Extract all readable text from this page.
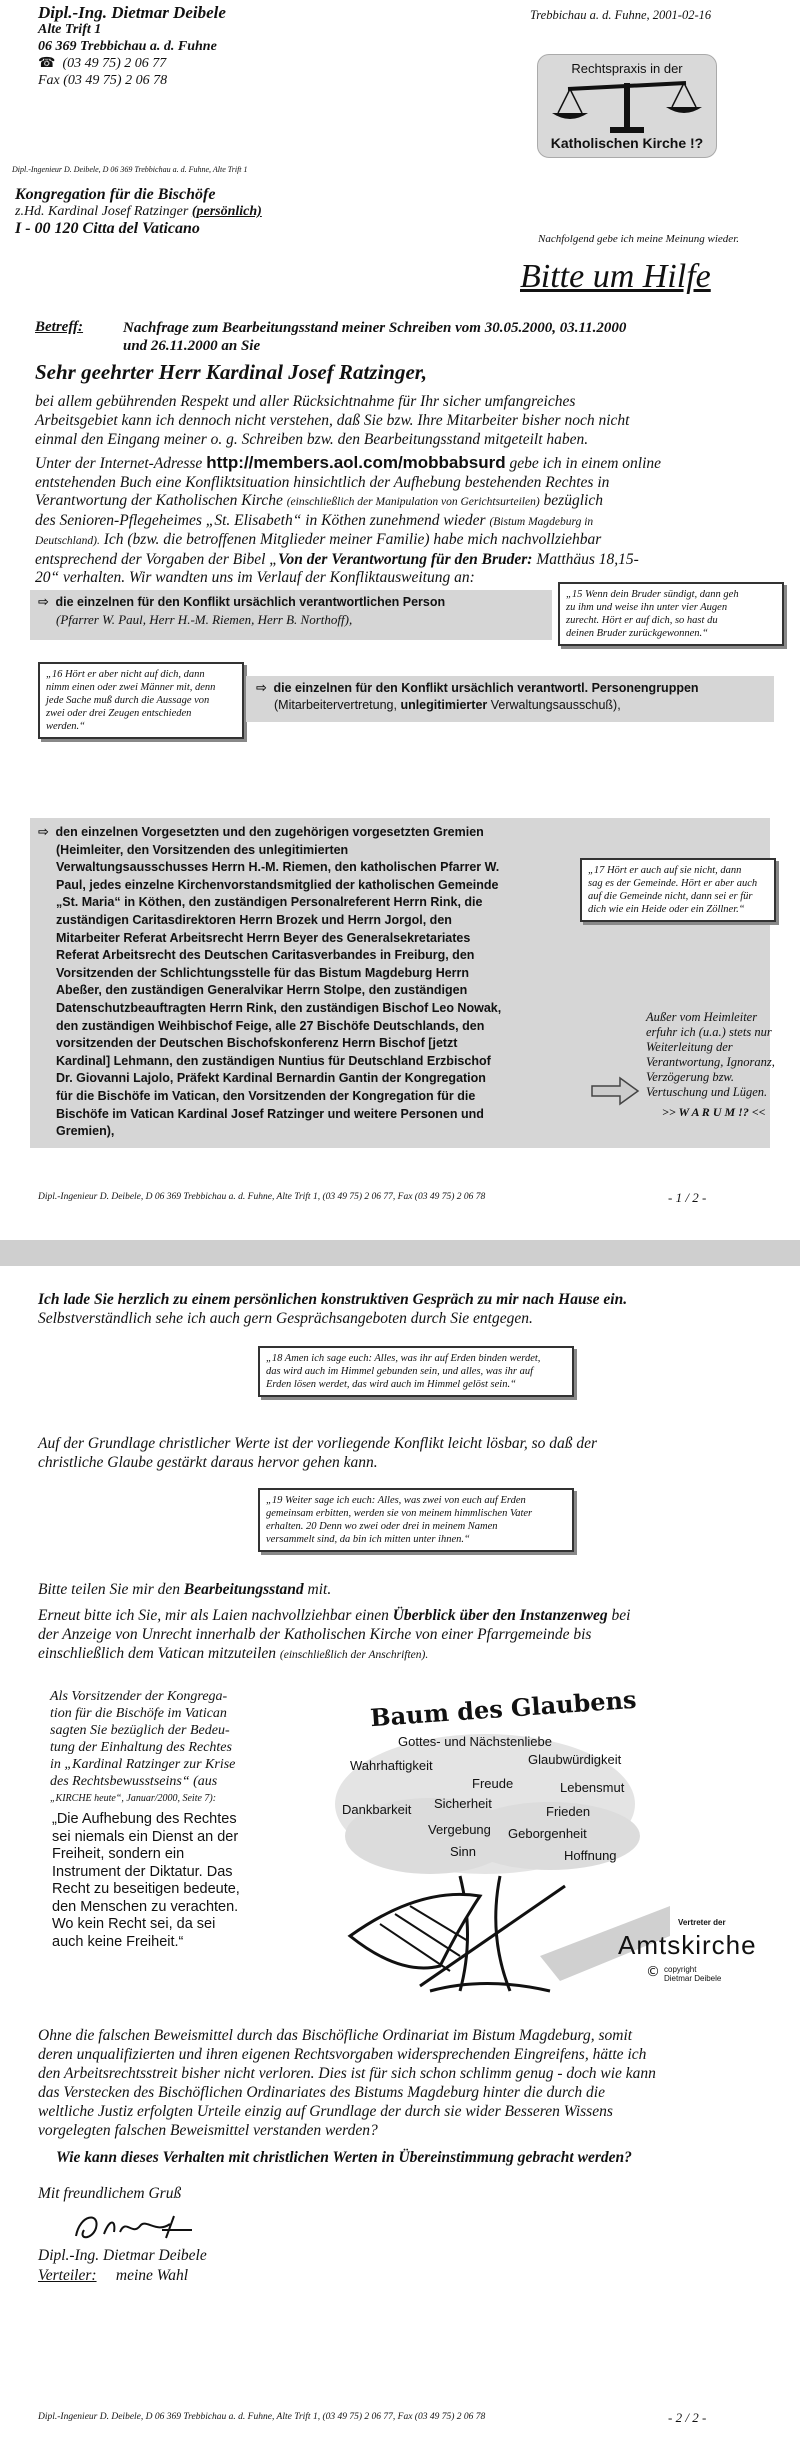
Dipl.-Ing. Dietmar Deibele
Alte Trift 1
06 369 Trebbichau a. d. Fuhne
☎ (03 49 75) 2 06 77
Fax (03 49 75) 2 06 78
Trebbichau a. d. Fuhne, 2001-02-16
Rechtspraxis in der
Katholischen Kirche !?
Dipl.-Ingenieur D. Deibele, D 06 369 Trebbichau a. d. Fuhne, Alte Trift 1
Kongregation für die Bischöfe
z.Hd. Kardinal Josef Ratzinger (persönlich)
I - 00 120 Citta del Vaticano
Nachfolgend gebe ich meine Meinung wieder.
Bitte um Hilfe
Betreff:	Nachfrage zum Bearbeitungsstand meiner Schreiben vom 30.05.2000, 03.11.2000
und 26.11.2000 an Sie
Sehr geehrter Herr Kardinal Josef Ratzinger,
bei allem gebührenden Respekt und aller Rücksichtnahme für Ihr sicher umfangreiches
Arbeitsgebiet kann ich dennoch nicht verstehen, daß Sie bzw. Ihre Mitarbeiter bisher noch nicht
einmal den Eingang meiner o. g. Schreiben bzw. den Bearbeitungsstand mitgeteilt haben.
Unter der Internet-Adresse http://members.aol.com/mobbabsurd gebe ich in einem online
entstehenden Buch eine Konfliktsituation hinsichtlich der Aufhebung bestehenden Rechtes in
Verantwortung der Katholischen Kirche (einschließlich der Manipulation von Gerichtsurteilen) bezüglich
des Senioren-Pflegeheimes „St. Elisabeth“ in Köthen zunehmend wieder (Bistum Magdeburg in
Deutschland). Ich (bzw. die betroffenen Mitglieder meiner Familie) habe mich nachvollziehbar
entsprechend der Vorgaben der Bibel „Von der Verantwortung für den Bruder: Matthäus 18,15-
20“ verhalten. Wir wandten uns im Verlauf der Konfliktausweitung an:
⇨ die einzelnen für den Konflikt ursächlich verantwortlichen Person
(Pfarrer W. Paul, Herr H.-M. Riemen, Herr B. Northoff),
„15 Wenn dein Bruder sündigt, dann geh
zu ihm und weise ihn unter vier Augen
zurecht. Hört er auf dich, so hast du
deinen Bruder zurückgewonnen.“
„16 Hört er aber nicht auf dich, dann
nimm einen oder zwei Männer mit, denn
jede Sache muß durch die Aussage von
zwei oder drei Zeugen entschieden
werden.“
⇨ die einzelnen für den Konflikt ursächlich verantwortl. Personengruppen
(Mitarbeitervertretung, unlegitimierter Verwaltungsausschuß),
⇨ den einzelnen Vorgesetzten und den zugehörigen vorgesetzten Gremien
(Heimleiter, den Vorsitzenden des unlegitimierten
Verwaltungsausschusses Herrn H.-M. Riemen, den katholischen Pfarrer W.
Paul, jedes einzelne Kirchenvorstandsmitglied der katholischen Gemeinde
„St. Maria“ in Köthen, den zuständigen Personalreferent Herrn Rink, die
zuständigen Caritasdirektoren Herrn Brozek und Herrn Jorgol, den
Mitarbeiter Referat Arbeitsrecht Herrn Beyer des Generalsekretariates
Referat Arbeitsrecht des Deutschen Caritasverbandes in Freiburg, den
Vorsitzenden der Schlichtungsstelle für das Bistum Magdeburg Herrn
Abeßer, den zuständigen Generalvikar Herrn Stolpe, den zuständigen
Datenschutzbeauftragten Herrn Rink, den zuständigen Bischof Leo Nowak,
den zuständigen Weihbischof Feige, alle 27 Bischöfe Deutschlands, den
vorsitzenden der Deutschen Bischofskonferenz Herrn Bischof [jetzt
Kardinal] Lehmann, den zuständigen Nuntius für Deutschland Erzbischof
Dr. Giovanni Lajolo, Präfekt Kardinal Bernardin Gantin der Kongregation
für die Bischöfe im Vatican, den Vorsitzenden der Kongregation für die
Bischöfe im Vatican Kardinal Josef Ratzinger und weitere Personen und
Gremien),
„17 Hört er auch auf sie nicht, dann
sag es der Gemeinde. Hört er aber auch
auf die Gemeinde nicht, dann sei er für
dich wie ein Heide oder ein Zöllner.“
Außer vom Heimleiter
erfuhr ich (u.a.) stets nur
Weiterleitung der
Verantwortung, Ignoranz,
Verzögerung bzw.
Vertuschung und Lügen.
>> W A R U M !? <<
Dipl.-Ingenieur D. Deibele, D 06 369 Trebbichau a. d. Fuhne, Alte Trift 1, (03 49 75) 2 06 77, Fax (03 49 75) 2 06 78	- 1 / 2 -
Ich lade Sie herzlich zu einem persönlichen konstruktiven Gespräch zu mir nach Hause ein.
Selbstverständlich sehe ich auch gern Gesprächsangeboten durch Sie entgegen.
„18 Amen ich sage euch: Alles, was ihr auf Erden binden werdet,
das wird auch im Himmel gebunden sein, und alles, was ihr auf
Erden lösen werdet, das wird auch im Himmel gelöst sein.“
Auf der Grundlage christlicher Werte ist der vorliegende Konflikt leicht lösbar, so daß der
christliche Glaube gestärkt daraus hervor gehen kann.
„19 Weiter sage ich euch: Alles, was zwei von euch auf Erden
gemeinsam erbitten, werden sie von meinem himmlischen Vater
erhalten. 20 Denn wo zwei oder drei in meinem Namen
versammelt sind, da bin ich mitten unter ihnen.“
Bitte teilen Sie mir den Bearbeitungsstand mit.
Erneut bitte ich Sie, mir als Laien nachvollziehbar einen Überblick über den Instanzenweg bei
der Anzeige von Unrecht innerhalb der Katholischen Kirche von einer Pfarrgemeinde bis
einschließlich dem Vatican mitzuteilen (einschließlich der Anschriften).
Als Vorsitzender der Kongrega-
tion für die Bischöfe im Vatican
sagten Sie bezüglich der Bedeu-
tung der Einhaltung des Rechtes
in „Kardinal Ratzinger zur Krise
des Rechtsbewusstseins“ (aus
„KIRCHE heute“, Januar/2000, Seite 7):
„Die Aufhebung des Rechtes
sei niemals ein Dienst an der
Freiheit, sondern ein
Instrument der Diktatur. Das
Recht zu beseitigen bedeute,
den Menschen zu verachten.
Wo kein Recht sei, da sei
auch keine Freiheit.“
Baum des Glaubens
Gottes- und Nächstenliebe
Wahrhaftigkeit	Glaubwürdigkeit
Freude	Lebensmut
Dankbarkeit Sicherheit
Frieden
Vergebung Geborgenheit
Sinn	Hoffnung
Vertreter der
Amtskirche
© copyright
Dietmar Deibele
Ohne die falschen Beweismittel durch das Bischöfliche Ordinariat im Bistum Magdeburg, somit
deren unqualifizierten und ihren eigenen Rechtsvorgaben widersprechenden Eingreifens, hätte ich
den Arbeitsrechtsstreit bisher nicht verloren. Dies ist für sich schon schlimm genug - doch wie kann
das Verstecken des Bischöflichen Ordinariates des Bistums Magdeburg hinter die durch die
weltliche Justiz erfolgten Urteile einzig auf Grundlage der durch sie wider Besseren Wissens
vorgelegten falschen Beweismittel verstanden werden?
Wie kann dieses Verhalten mit christlichen Werten in Übereinstimmung gebracht werden?
Mit freundlichem Gruß
Dipl.-Ing. Dietmar Deibele
Verteiler: meine Wahl
Dipl.-Ingenieur D. Deibele, D 06 369 Trebbichau a. d. Fuhne, Alte Trift 1, (03 49 75) 2 06 77, Fax (03 49 75) 2 06 78	- 2 / 2 -
